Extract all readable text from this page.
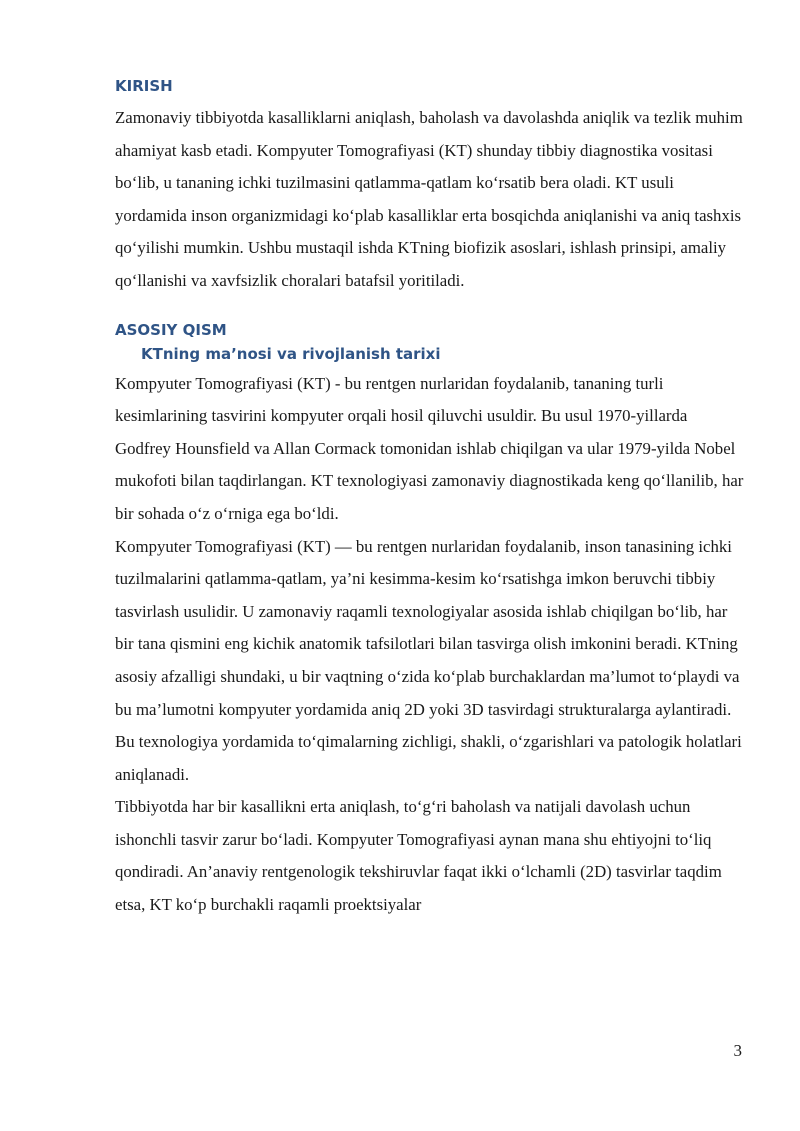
KIRISH

Zamonaviy tibbiyotda kasalliklarni aniqlash, baholash va davolashda aniqlik va tezlik muhim ahamiyat kasb etadi. Kompyuter Tomografiyasi (KT) shunday tibbiy diagnostika vositasi bo‘lib, u tananing ichki tuzilmasini qatlamma-qatlam ko‘rsatib bera oladi. KT usuli yordamida inson organizmidagi ko‘plab kasalliklar erta bosqichda aniqlanishi va aniq tashxis qo‘yilishi mumkin. Ushbu mustaqil ishda KTning biofizik asoslari, ishlash prinsipi, amaliy qo‘llanishi va xavfsizlik choralari batafsil yoritiladi.

ASOSIY QISM
KTning ma’nosi va rivojlanish tarixi

Kompyuter Tomografiyasi (KT) - bu rentgen nurlaridan foydalanib, tananing turli kesimlarining tasvirini kompyuter orqali hosil qiluvchi usuldir. Bu usul 1970-yillarda Godfrey Hounsfield va Allan Cormack tomonidan ishlab chiqilgan va ular 1979-yilda Nobel mukofoti bilan taqdirlangan. KT texnologiyasi zamonaviy diagnostikada keng qo‘llanilib, har bir sohada o‘z o‘rniga ega bo‘ldi.

Kompyuter Tomografiyasi (KT) — bu rentgen nurlaridan foydalanib, inson tanasining ichki tuzilmalarini qatlamma-qatlam, ya’ni kesimma-kesim ko‘rsatishga imkon beruvchi tibbiy tasvirlash usulidir. U zamonaviy raqamli texnologiyalar asosida ishlab chiqilgan bo‘lib, har bir tana qismini eng kichik anatomik tafsilotlari bilan tasvirga olish imkonini beradi. KTning asosiy afzalligi shundaki, u bir vaqtning o‘zida ko‘plab burchaklardan ma’lumot to‘playdi va bu ma’lumotni kompyuter yordamida aniq 2D yoki 3D tasvirdagi strukturalarga aylantiradi. Bu texnologiya yordamida to‘qimalarning zichligi, shakli, o‘zgarishlari va patologik holatlari aniqlanadi.

Tibbiyotda har bir kasallikni erta aniqlash, to‘g‘ri baholash va natijali davolash uchun ishonchli tasvir zarur bo‘ladi. Kompyuter Tomografiyasi aynan mana shu ehtiyojni to‘liq qondiradi. An’anaviy rentgenologik tekshiruvlar faqat ikki o‘lchamli (2D) tasvirlar taqdim etsa, KT ko‘p burchakli raqamli proektsiyalar

3
